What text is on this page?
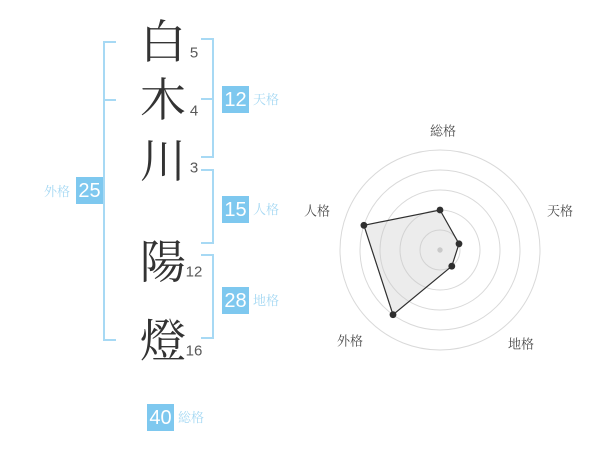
白
木
川
陽
燈
5
4
3
12
16
外格 25
12 天格
15 人格
28 地格
40 総格
総格
天格
地格
外格
人格
